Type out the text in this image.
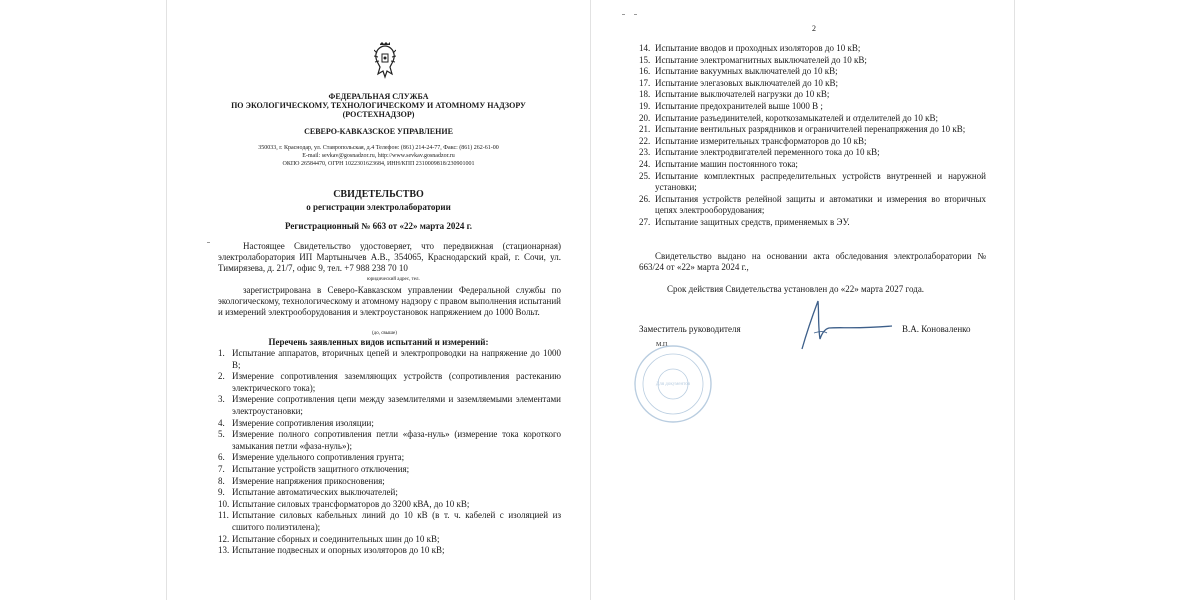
ФЕДЕРАЛЬНАЯ СЛУЖБА
ПО ЭКОЛОГИЧЕСКОМУ, ТЕХНОЛОГИЧЕСКОМУ И АТОМНОМУ НАДЗОРУ
(РОСТЕХНАДЗОР)
СЕВЕРО-КАВКАЗСКОЕ УПРАВЛЕНИЕ
350033, г. Краснодар, ул. Ставропольская, д.4 Телефон: (861) 214-24-77, Факс: (861) 262-61-00
E-mail: sevkav@gosnadzor.ru, http://www.sevkav.gosnadzor.ru
ОКПО 26584470, ОГРН 1022301623684, ИНН/КПП 2310009818/230901001
СВИДЕТЕЛЬСТВО
о регистрации электролаборатории
Регистрационный № 663 от «22» марта 2024 г.
Настоящее Свидетельство удостоверяет, что передвижная (стационарная) электролаборатория ИП Мартынычев А.В., 354065, Краснодарский край, г. Сочи, ул. Тимирязева, д. 21/7, офис 9, тел. +7 988 238 70 10
юридический адрес, тел.
зарегистрирована в Северо-Кавказском управлении Федеральной службы по экологическому, технологическому и атомному надзору с правом выполнения испытаний и измерений электрооборудования и электроустановок напряжением до 1000 Вольт.
(до, свыше)
Перечень заявленных видов испытаний и измерений:
1. Испытание аппаратов, вторичных цепей и электропроводки на напряжение до 1000 В;
2. Измерение сопротивления заземляющих устройств (сопротивления растеканию электрического тока);
3. Измерение сопротивления цепи между заземлителями и заземляемыми элементами электроустановки;
4. Измерение сопротивления изоляции;
5. Измерение полного сопротивления петли «фаза-нуль» (измерение тока короткого замыкания петли «фаза-нуль»);
6. Измерение удельного сопротивления грунта;
7. Испытание устройств защитного отключения;
8. Измерение напряжения прикосновения;
9. Испытание автоматических выключателей;
10. Испытание силовых трансформаторов до 3200 кВА, до 10 кВ;
11. Испытание силовых кабельных линий до 10 кВ (в т. ч. кабелей с изоляцией из сшитого полиэтилена);
12. Испытание сборных и соединительных шин до 10 кВ;
13. Испытание подвесных и опорных изоляторов до 10 кВ;
2
14. Испытание вводов и проходных изоляторов до 10 кВ;
15. Испытание электромагнитных выключателей до 10 кВ;
16. Испытание вакуумных выключателей до 10 кВ;
17. Испытание элегазовых выключателей до 10 кВ;
18. Испытание выключателей нагрузки до 10 кВ;
19. Испытание предохранителей выше 1000 В ;
20. Испытание разъединителей, короткозамыкателей и отделителей до 10 кВ;
21. Испытание вентильных разрядников и ограничителей перенапряжения до 10 кВ;
22. Испытание измерительных трансформаторов до 10 кВ;
23. Испытание электродвигателей переменного тока до 10 кВ;
24. Испытание машин постоянного тока;
25. Испытание комплектных распределительных устройств внутренней и наружной установки;
26. Испытания устройств релейной защиты и автоматики и измерения во вторичных цепях электрооборудования;
27. Испытание защитных средств, применяемых в ЭУ.
Свидетельство выдано на основании акта обследования электролаборатории № 663/24 от «22» марта 2024 г.,
Срок действия Свидетельства установлен до «22» марта 2027 года.
Заместитель руководителя	В.А. Коноваленко
М.П.
Для документов
